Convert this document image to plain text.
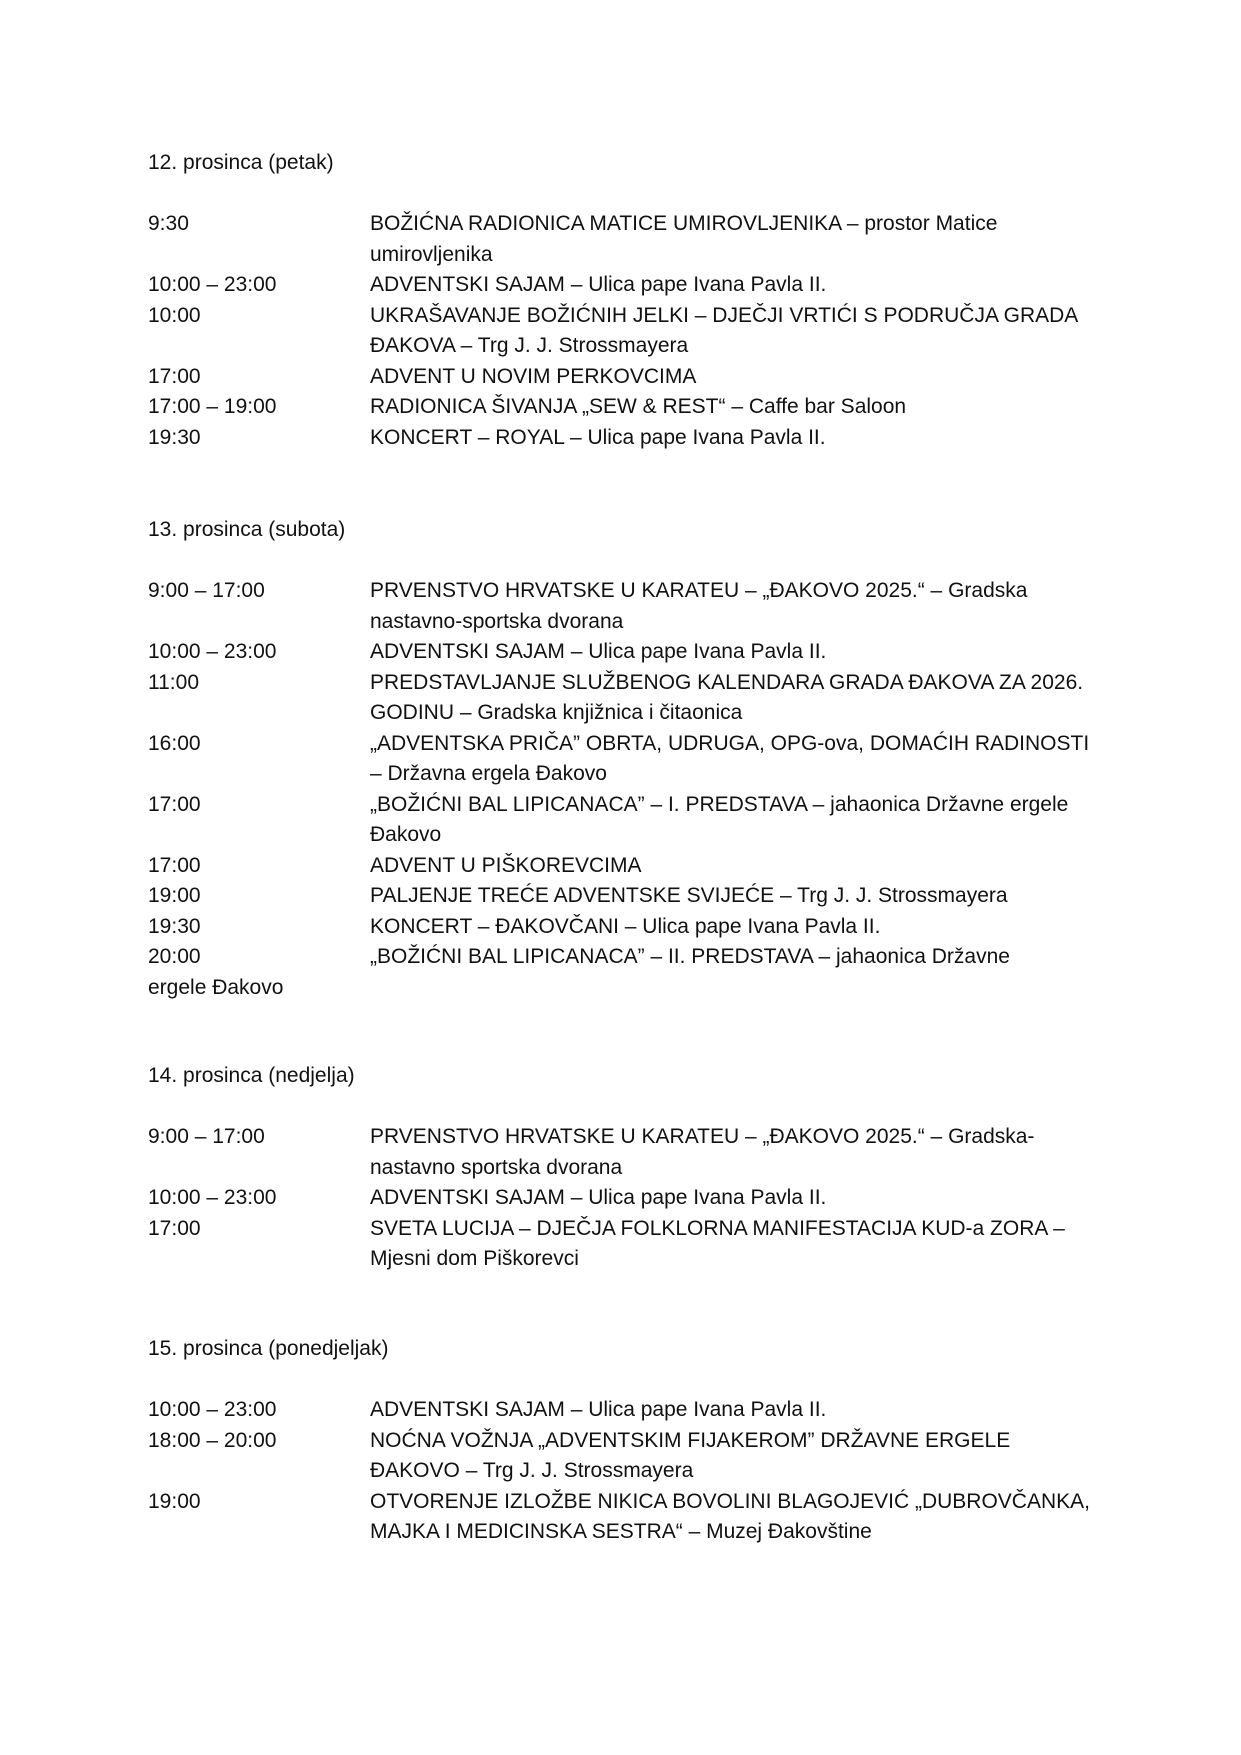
12. prosinca (petak)
9:30	BOŽIĆNA RADIONICA MATICE UMIROVLJENIKA – prostor Matice umirovljenika
10:00 – 23:00	ADVENTSKI SAJAM – Ulica pape Ivana Pavla II.
10:00	UKRAŠAVANJE BOŽIĆNIH JELKI – DJEČJI VRTIĆI S PODRUČJA GRADA ĐAKOVA – Trg J. J. Strossmayera
17:00	ADVENT U NOVIM PERKOVCIMA
17:00 – 19:00	RADIONICA ŠIVANJA „SEW & REST“ – Caffe bar Saloon
19:30	KONCERT – ROYAL – Ulica pape Ivana Pavla II.
13. prosinca (subota)
9:00 – 17:00	PRVENSTVO HRVATSKE U KARATEU – „ĐAKOVO 2025.“ – Gradska nastavno-sportska dvorana
10:00 – 23:00	ADVENTSKI SAJAM – Ulica pape Ivana Pavla II.
11:00	PREDSTAVLJANJE SLUŽBENOG KALENDARA GRADA ĐAKOVA ZA 2026. GODINU – Gradska knjižnica i čitaonica
16:00	„ADVENTSKA PRIČA” OBRTA, UDRUGA, OPG-ova, DOMAĆIH RADINOSTI – Državna ergela Đakovo
17:00	„BOŽIĆNI BAL LIPICANACA” – I. PREDSTAVA – jahaonica Državne ergele Đakovo
17:00	ADVENT U PIŠKOREVCIMA
19:00	PALJENJE TREĆE ADVENTSKE SVIJEĆE – Trg J. J. Strossmayera
19:30	KONCERT – ĐAKOVČANI – Ulica pape Ivana Pavla II.
20:00	„BOŽIĆNI BAL LIPICANACA” – II. PREDSTAVA – jahaonica Državne
ergele Đakovo
14. prosinca (nedjelja)
9:00 – 17:00	PRVENSTVO HRVATSKE U KARATEU – „ĐAKOVO 2025.“ – Gradska-nastavno sportska dvorana
10:00 – 23:00	ADVENTSKI SAJAM – Ulica pape Ivana Pavla II.
17:00	SVETA LUCIJA – DJEČJA FOLKLORNA MANIFESTACIJA KUD-a ZORA – Mjesni dom Piškorevci
15. prosinca (ponedjeljak)
10:00 – 23:00	ADVENTSKI SAJAM – Ulica pape Ivana Pavla II.
18:00 – 20:00	NOĆNA VOŽNJA „ADVENTSKIM FIJAKEROM” DRŽAVNE ERGELE ĐAKOVO – Trg J. J. Strossmayera
19:00	OTVORENJE IZLOŽBE NIKICA BOVOLINI BLAGOJEVIĆ „DUBROVČANKA, MAJKA I MEDICINSKA SESTRA“ – Muzej Đakovštine
